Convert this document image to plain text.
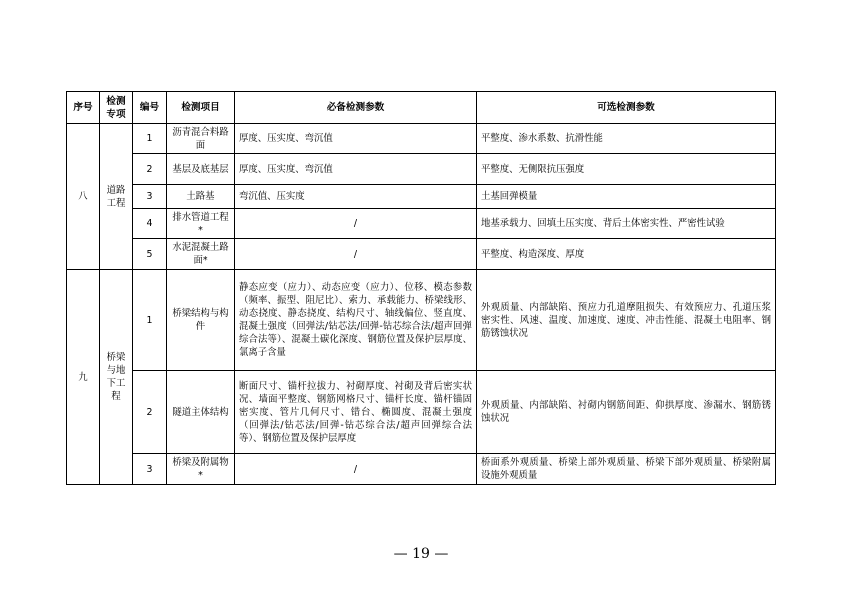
序号	检测专项	编号	检测项目	必备检测参数	可选检测参数
八	道路工程	1	沥青混合料路面	厚度、压实度、弯沉值	平整度、渗水系数、抗滑性能
		2	基层及底基层	厚度、压实度、弯沉值	平整度、无侧限抗压强度
		3	土路基	弯沉值、压实度	土基回弹模量
		4	排水管道工程*	/	地基承载力、回填土压实度、背后土体密实性、严密性试验
		5	水泥混凝土路面*	/	平整度、构造深度、厚度
九	桥梁与地下工程	1	桥梁结构与构件	静态应变（应力）、动态应变（应力）、位移、模态参数（频率、振型、阻尼比）、索力、承载能力、桥梁线形、动态挠度、静态挠度、结构尺寸、轴线偏位、竖直度、混凝土强度（回弹法/钻芯法/回弹-钻芯综合法/超声回弹综合法等）、混凝土碳化深度、钢筋位置及保护层厚度、氯离子含量	外观质量、内部缺陷、预应力孔道摩阻损失、有效预应力、孔道压浆密实性、风速、温度、加速度、速度、冲击性能、混凝土电阻率、钢筋锈蚀状况
		2	隧道主体结构	断面尺寸、锚杆拉拔力、衬砌厚度、衬砌及背后密实状况、墙面平整度、钢筋网格尺寸、锚杆长度、锚杆锚固密实度、管片几何尺寸、错台、椭圆度、混凝土强度（回弹法/钻芯法/回弹-钻芯综合法/超声回弹综合法等）、钢筋位置及保护层厚度	外观质量、内部缺陷、衬砌内钢筋间距、仰拱厚度、渗漏水、钢筋锈蚀状况
		3	桥梁及附属物*	/	桥面系外观质量、桥梁上部外观质量、桥梁下部外观质量、桥梁附属设施外观质量
— 19 —
